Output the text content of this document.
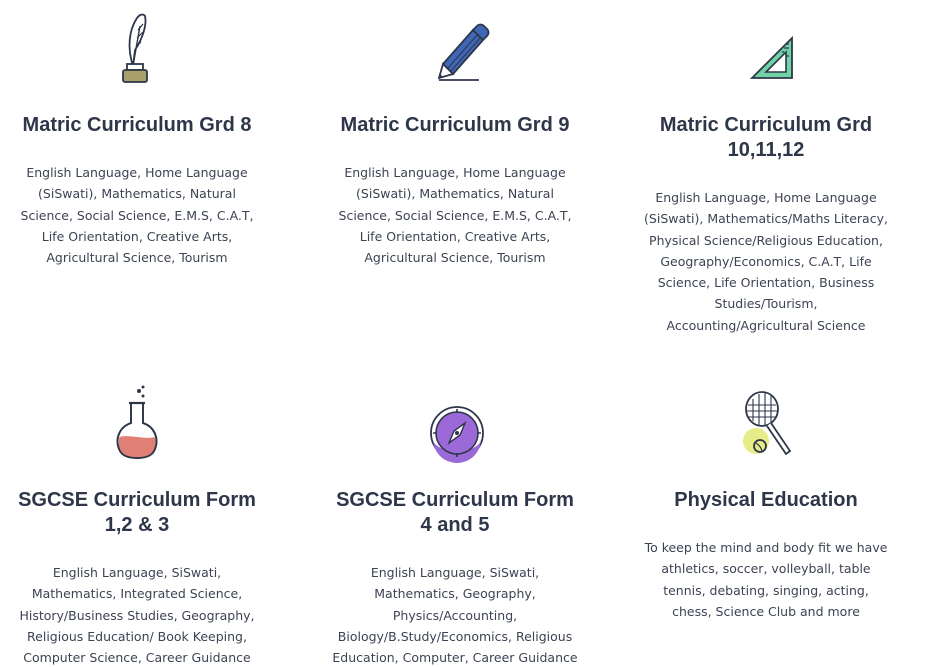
Matric Curriculum Grd 8

English Language, Home Language (SiSwati), Mathematics, Natural Science, Social Science, E.M.S, C.A.T, Life Orientation, Creative Arts, Agricultural Science, Tourism

Matric Curriculum Grd 9

English Language, Home Language (SiSwati), Mathematics, Natural Science, Social Science, E.M.S, C.A.T, Life Orientation, Creative Arts, Agricultural Science, Tourism

Matric Curriculum Grd 10,11,12

English Language, Home Language (SiSwati), Mathematics/Maths Literacy, Physical Science/Religious Education, Geography/Economics, C.A.T, Life Science, Life Orientation, Business Studies/Tourism, Accounting/Agricultural Science

SGCSE Curriculum Form 1,2 & 3

English Language, SiSwati, Mathematics, Integrated Science, History/Business Studies, Geography, Religious Education/ Book Keeping, Computer Science, Career Guidance

SGCSE Curriculum Form 4 and 5

English Language, SiSwati, Mathematics, Geography, Physics/Accounting, Biology/B.Study/Economics, Religious Education, Computer, Career Guidance

Physical Education

To keep the mind and body fit we have athletics, soccer, volleyball, table tennis, debating, singing, acting, chess, Science Club and more
